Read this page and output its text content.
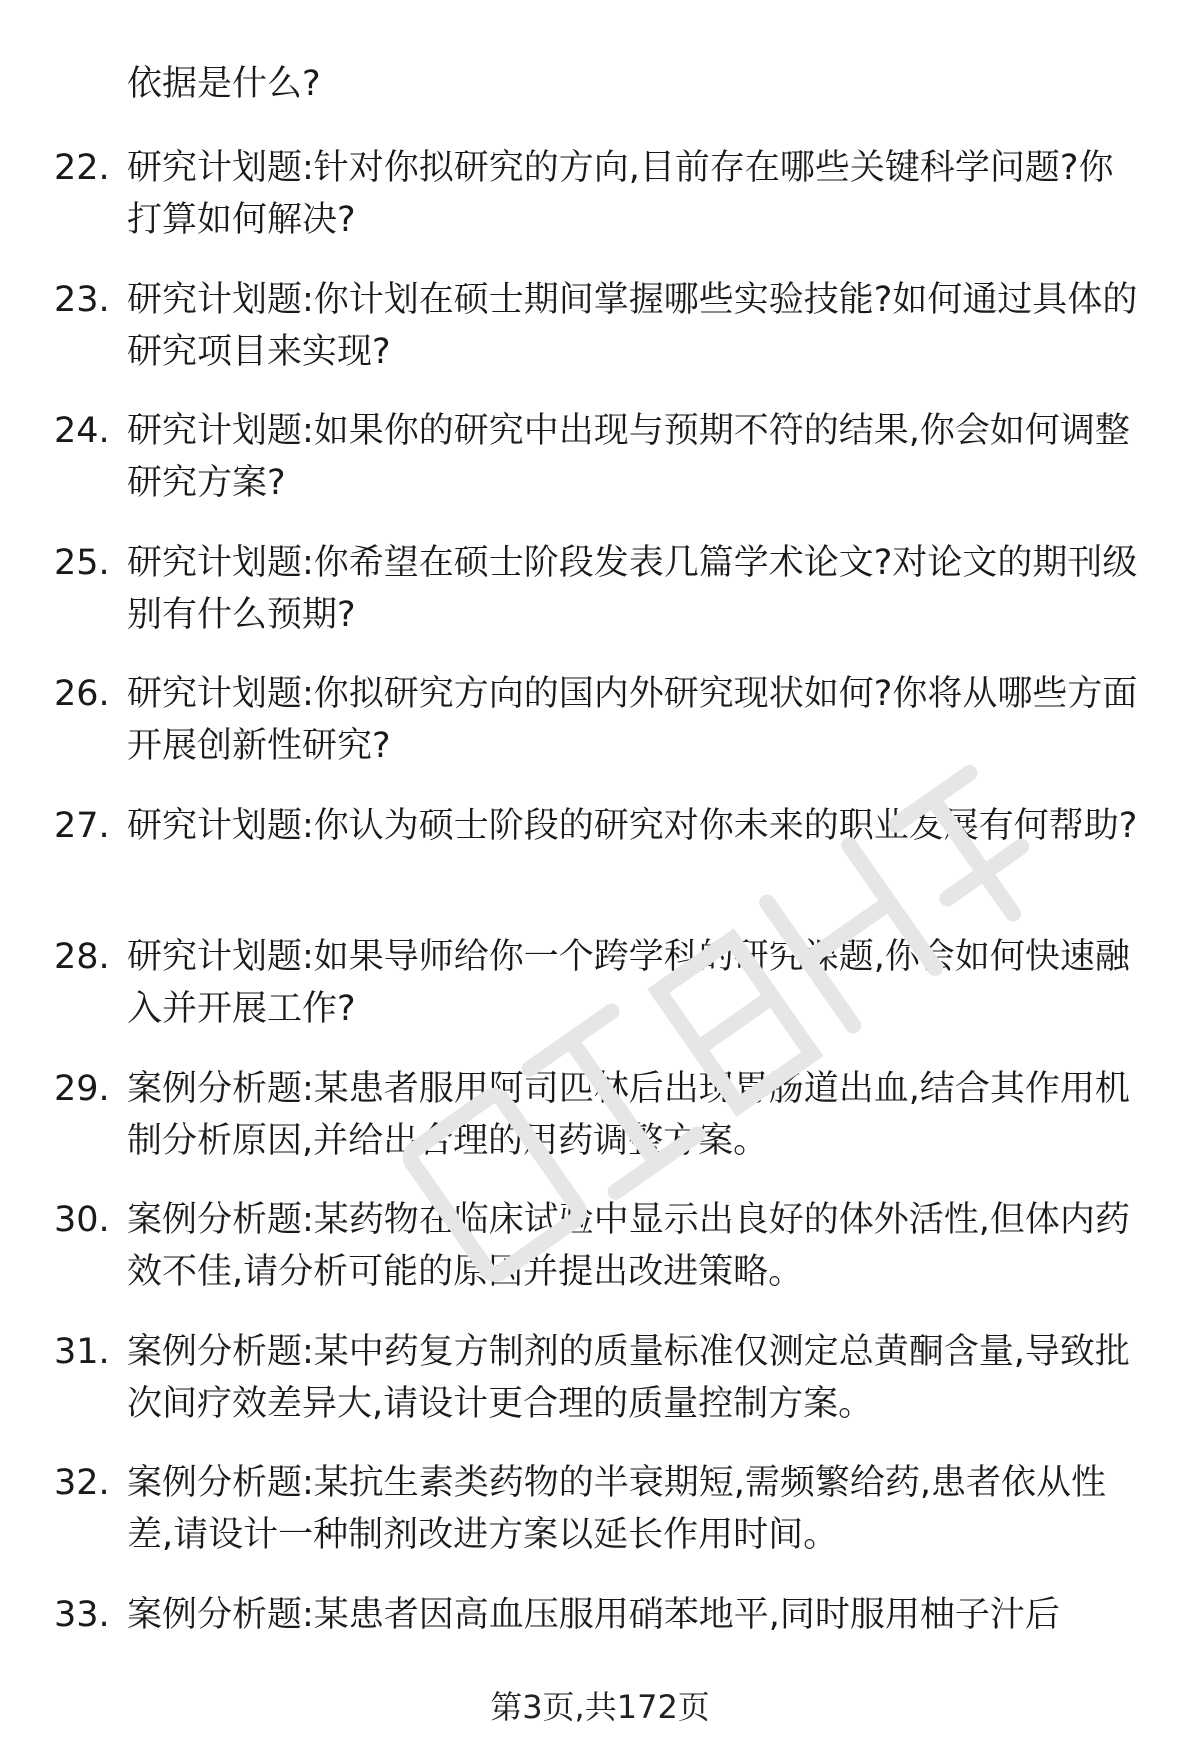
依据是什么?
22. 研究计划题:针对你拟研究的方向,目前存在哪些关键科学问题?你打算如何解决?
23. 研究计划题:你计划在硕士期间掌握哪些实验技能?如何通过具体的研究项目来实现?
24. 研究计划题:如果你的研究中出现与预期不符的结果,你会如何调整研究方案?
25. 研究计划题:你希望在硕士阶段发表几篇学术论文?对论文的期刊级别有什么预期?
26. 研究计划题:你拟研究方向的国内外研究现状如何?你将从哪些方面开展创新性研究?
27. 研究计划题:你认为硕士阶段的研究对你未来的职业发展有何帮助?
28. 研究计划题:如果导师给你一个跨学科的研究课题,你会如何快速融入并开展工作?
29. 案例分析题:某患者服用阿司匹林后出现胃肠道出血,结合其作用机制分析原因,并给出合理的用药调整方案。
30. 案例分析题:某药物在临床试验中显示出良好的体外活性,但体内药效不佳,请分析可能的原因并提出改进策略。
31. 案例分析题:某中药复方制剂的质量标准仅测定总黄酮含量,导致批次间疗效差异大,请设计更合理的质量控制方案。
32. 案例分析题:某抗生素类药物的半衰期短,需频繁给药,患者依从性差,请设计一种制剂改进方案以延长作用时间。
33. 案例分析题:某患者因高血压服用硝苯地平,同时服用柚子汁后
第3页,共172页
